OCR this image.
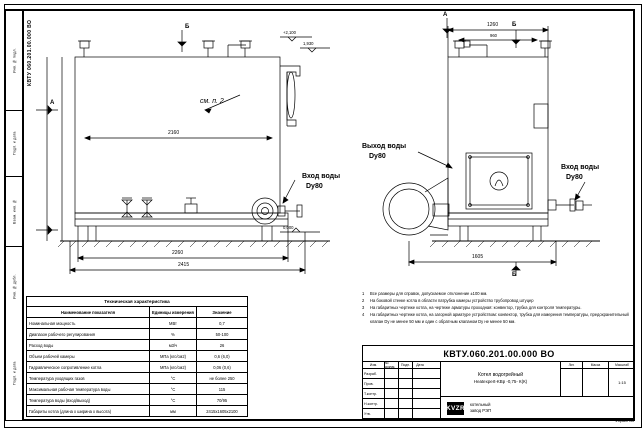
Инв. № подл.
Подп. и дата
Взам. инв. №
Инв. № дубл.
Подп. и дата
КВТУ 060.201.00.000 ВО	Б
A	см. п. 2
+2,100
1,930
0,000
2160
2260
2415
Вход воды
Dy80
A
Б
Б
1260
960
1605
Выход воды
Dy80
Вход воды
Dy80
Техническая характеристика		
Наименование показателя	Единицы измерения	Значение
Номинальная мощность	МВт	0,7
Диапазон рабочего регулирования	%	50-100
Расход воды	м3/ч	26
Объем рабочей камеры	МПа (кгс/см2)	0,6 (6,0)
Гидравлическое сопротивление котла	МПа (кгс/см2)	0,06 (0,6)
Температура уходящих газов	°С	не более 250
Максимальная рабочая температура воды	°С	115
Температура воды (вход/выход)	°С	70/95
Габариты котла (длина х ширина х высота)	мм	2415х1605х2100
1 Все размеры для справок, допускаемое отклонение ±100 мм.
2 На боковой стенке котла в области патрубка камеры устройство трубопровод штуцер
3 На габаритных чертеже котла, на чертеже арматуры проходная: конвектор, трубка для контроля температуры.
4 На габаритных чертеже котла, на загорной арматуре устройством: конвектор, трубка для измерения температуры, предохранительный клапан Dy не менее 50 мм и один с обратным клапаном Dy не менее 50 мм.
КВТУ.060.201.00.000 ВО
Изм.	№ докум.	Подп.	Дата
Разраб.
Пров.
Т.контр.
Н.контр.
Утв.
Котел водогрейный
Heatexpert-KВр -0,75- К(К)
Лит.	Масса	Масштаб
1:15
KVZR	котельный
завод РЭП
Формат А3
